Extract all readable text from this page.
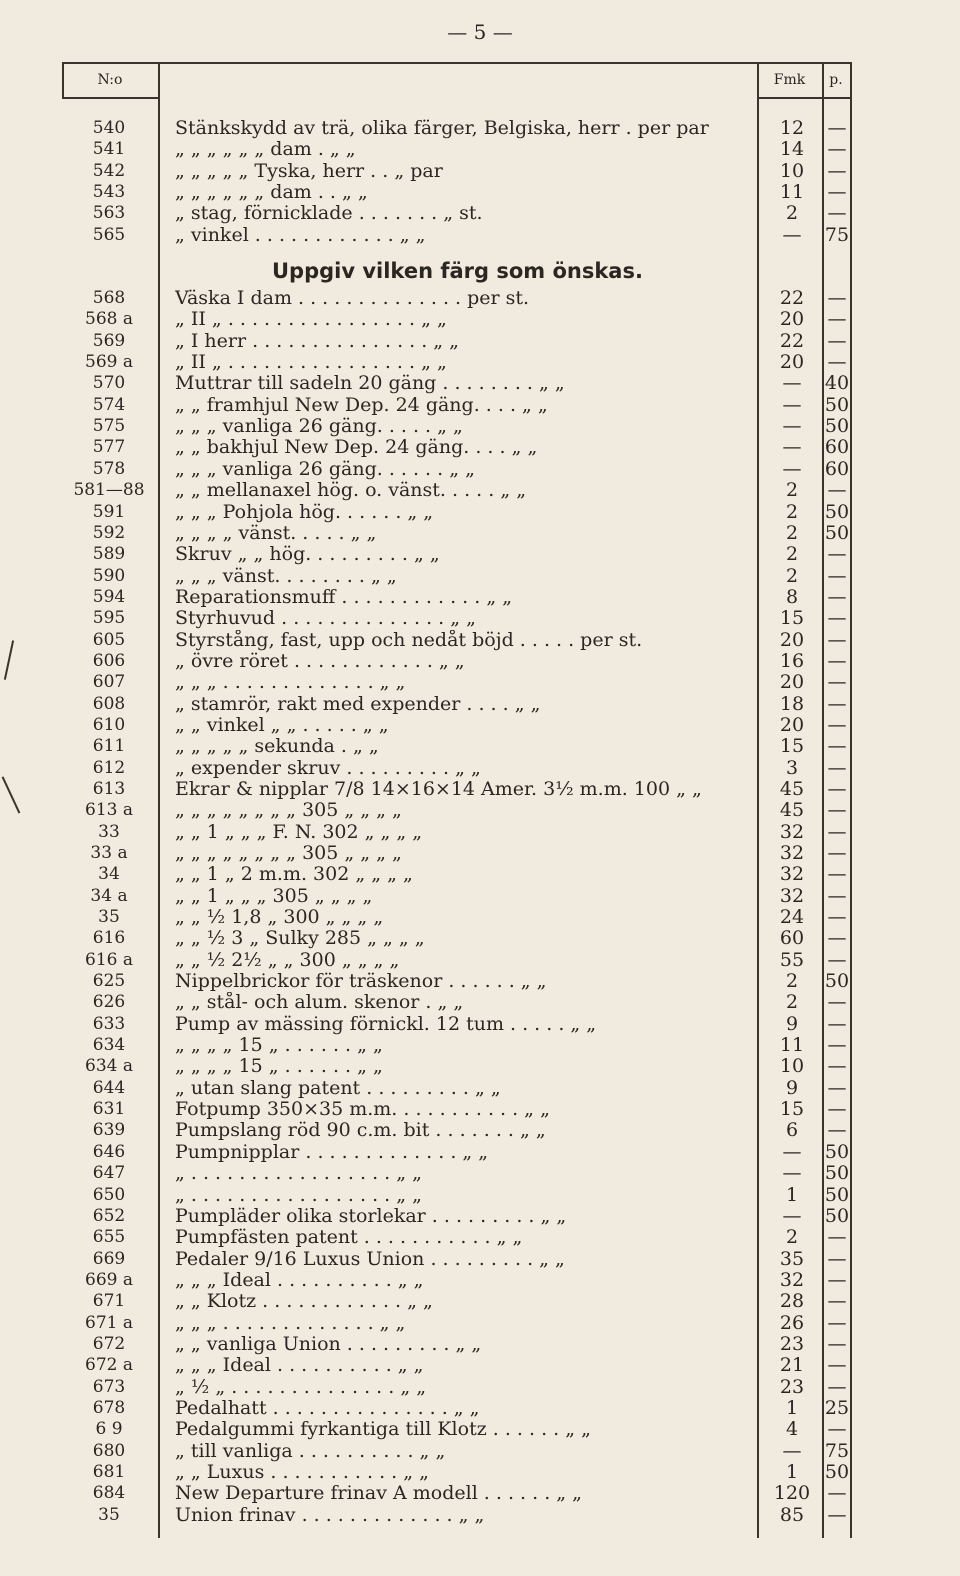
— 5 —
N:o	Fmk	p.
540	Stänkskydd av trä, olika färger, Belgiska, herr . per par	12	—
541	„ „ „ „ „ „ dam . „ „	14	—
542	„ „ „ „ „ Tyska, herr . . „ par	10	—
543	„ „ „ „ „ „ dam . . „ „	11	—
563	„ stag, förnicklade . . . . . . . „ st.	2	—
565	„ vinkel . . . . . . . . . . . . „ „	—	75
Uppgiv vilken färg som önskas.
568	Väska I dam . . . . . . . . . . . . . . per st.	22	—
568 a	„ II „ . . . . . . . . . . . . . . . . „ „	20	—
569	„ I herr . . . . . . . . . . . . . . . „ „	22	—
569 a	„ II „ . . . . . . . . . . . . . . . . „ „	20	—
570	Muttrar till sadeln 20 gäng . . . . . . . . „ „	—	40
574	„ „ framhjul New Dep. 24 gäng. . . . „ „	—	50
575	„ „ „ vanliga 26 gäng. . . . . „ „	—	50
577	„ „ bakhjul New Dep. 24 gäng. . . . „ „	—	60
578	„ „ „ vanliga 26 gäng. . . . . . „ „	—	60
581—88	„ „ mellanaxel hög. o. vänst. . . . . „ „	2	—
591	„ „ „ Pohjola hög. . . . . . „ „	2	50
592	„ „ „ „ vänst. . . . . „ „	2	50
589	Skruv „ „ hög. . . . . . . . . „ „	2	—
590	„ „ „ vänst. . . . . . . . „ „	2	—
594	Reparationsmuff . . . . . . . . . . . . „ „	8	—
595	Styrhuvud . . . . . . . . . . . . . . „ „	15	—
605	Styrstång, fast, upp och nedåt böjd . . . . . per st.	20	—
606	„ övre röret . . . . . . . . . . . . „ „	16	—
607	„ „ „ . . . . . . . . . . . . . „ „	20	—
608	„ stamrör, rakt med expender . . . . „ „	18	—
610	„ „ vinkel „ „ . . . . . „ „	20	—
611	„ „ „ „ „ sekunda . „ „	15	—
612	„ expender skruv . . . . . . . . . „ „	3	—
613	Ekrar & nipplar 7/8 14×16×14 Amer. 3½ m.m. 100 „ „	45	—
613 a	„ „ „ „ „ „ „ „ 305 „ „ „ „	45	—
33	„ „ 1 „ „ „ F. N. 302 „ „ „ „	32	—
33 a	„ „ „ „ „ „ „ „ 305 „ „ „ „	32	—
34	„ „ 1 „ 2 m.m. 302 „ „ „ „	32	—
34 a	„ „ 1 „ „ „ 305 „ „ „ „	32	—
35	„ „ ½ 1,8 „ 300 „ „ „ „	24	—
616	„ „ ½ 3 „ Sulky 285 „ „ „ „	60	—
616 a	„ „ ½ 2½ „ „ 300 „ „ „ „	55	—
625	Nippelbrickor för träskenor . . . . . . „ „	2	50
626	„ „ stål- och alum. skenor . „ „	2	—
633	Pump av mässing förnickl. 12 tum . . . . . „ „	9	—
634	„ „ „ „ 15 „ . . . . . . „ „	11	—
634 a	„ „ „ „ 15 „ . . . . . . „ „	10	—
644	„ utan slang patent . . . . . . . . . „ „	9	—
631	Fotpump 350×35 m.m. . . . . . . . . . . „ „	15	—
639	Pumpslang röd 90 c.m. bit . . . . . . . „ „	6	—
646	Pumpnipplar . . . . . . . . . . . . . „ „	—	50
647	„ . . . . . . . . . . . . . . . . . „ „	—	50
650	„ . . . . . . . . . . . . . . . . . „ „	1	50
652	Pumpläder olika storlekar . . . . . . . . . „ „	—	50
655	Pumpfästen patent . . . . . . . . . . . „ „	2	—
669	Pedaler 9/16 Luxus Union . . . . . . . . . „ „	35	—
669 a	„ „ „ Ideal . . . . . . . . . . „ „	32	—
671	„ „ Klotz . . . . . . . . . . . . „ „	28	—
671 a	„ „ „ . . . . . . . . . . . . . „ „	26	—
672	„ „ vanliga Union . . . . . . . . . „ „	23	—
672 a	„ „ „ Ideal . . . . . . . . . . „ „	21	—
673	„ ½ „ . . . . . . . . . . . . . . „ „	23	—
678	Pedalhatt . . . . . . . . . . . . . . . „ „	1	25
6 9	Pedalgummi fyrkantiga till Klotz . . . . . . „ „	4	—
680	„ till vanliga . . . . . . . . . . „ „	—	75
681	„ „ Luxus . . . . . . . . . . . „ „	1	50
684	New Departure frinav A modell . . . . . . „ „	120 —
35	Union frinav . . . . . . . . . . . . . „ „	85	—
